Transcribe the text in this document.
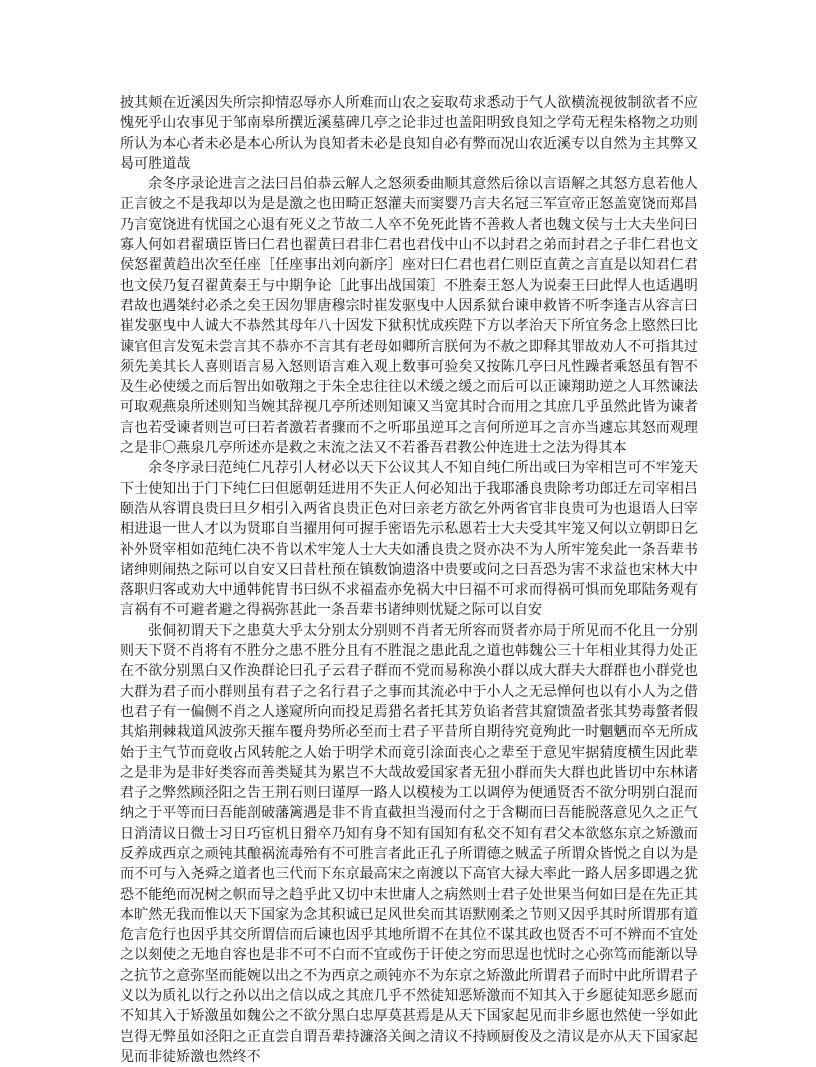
披其颊在近溪因失所宗抑情忍辱亦人所难而山农之妄取苟求悉动于气人欲横流视彼制欲者不应愧死乎山农事见于邹南皋所撰近溪墓碑几亭之论非过也盖阳明致良知之学苟无程朱格物之功则所认为本心者未必是本心所认为良知者未必是良知自必有弊而况山农近溪专以自然为主其弊又曷可胜道哉

余冬序录论进言之法曰吕伯恭云解人之怒须委曲顺其意然后徐以言语解之其怒方息若他人正言彼之不是我却以为是是激之也田畸正怒灌夫而窦婴乃言夫名冠三军宣帝正怒盖宽饶而郑昌乃言宽饶进有忧国之心退有死义之节故二人卒不免死此皆不善救人者也魏文侯与士大夫坐问曰寡人何如君翟璜臣皆曰仁君也翟黄曰君非仁君也君伐中山不以封君之弟而封君之子非仁君也文侯怒翟黄趋出次至任座［任座事出刘向新序］座对曰仁君也君仁则臣直黄之言直是以知君仁君也文侯乃复召翟黄秦王与中期争论［此事出战国策］不胜秦王怒人为说秦王曰此悍人也适遇明君故也遇桀纣必杀之矣王因勿罪唐穆宗时崔发驱曳中人因系狱台谏申救皆不听李逢吉从容言曰崔发驱曳中人诚大不恭然其母年八十因发下狱积忧成疾陛下方以孝治天下所宜务念上愍然曰比谏官但言发冤未尝言其不恭亦不言其有老母如卿所言朕何为不赦之即释其罪故劝人不可指其过须先美其长人喜则语言易入怒则语言难入观上数事可验矣又按陈几亭曰凡性躁者乘怒虽有智不及生必使缓之而后智出如敬翔之于朱全忠往往以术缓之缓之而后可以正谏翔助逆之人耳然谏法可取观燕泉所述则知当婉其辞视几亭所述则知谏又当宽其时合而用之其庶几乎虽然此皆为谏者言也若受谏者则岂可曰若者激若者骤而不之听耶虽逆耳之言何所逆耳之言亦当遽忘其怒而观理之是非〇燕泉几亭所述亦是救之末流之法又不若番吾君教公仲连进士之法为得其本

余冬序录曰范纯仁凡荐引人材必以天下公议其人不知自纯仁所出或曰为宰相岂可不牢笼天下士使知出于门下纯仁曰但愿朝廷进用不失正人何必知出于我耶潘良贵除考功郎迁左司宰相吕颐浩从容谓良贵曰旦夕相引入两省良贵正色对曰亲老方欲乞外两省官非良贵可为也退语人曰宰相进退一世人才以为贤耶自当擢用何可握手密语先示私恩若士大夫受其牢笼又何以立朝即日乞补外贤宰相如范纯仁决不肯以术牢笼人士大夫如潘良贵之贤亦决不为人所牢笼矣此一条吾辈书诸绅则闹热之际可以自安又曰昔杜预在镇数饷遗洛中贵要或问之曰吾恐为害不求益也宋林大中落职归客或劝大中通韩侂胄书曰纵不求福盍亦免祸大中曰福不可求而得祸可惧而免耶陆务观有言祸有不可避者避之得祸弥甚此一条吾辈书诸绅则忧疑之际可以自安

张侗初谓天下之患莫大乎太分别太分别则不肖者无所容而贤者亦局于所见而不化且一分别则天下贤不肖将有不胜分之患不胜分且有不胜混之患此乱之道也韩魏公三十年相业其得力处正在不欲分别黑白又作涣群论曰孔子云君子群而不党而易称涣小群以成大群夫大群群也小群党也大群为君子而小群则虽有君子之名行君子之事而其流必中于小人之无忌惮何也以有小人为之借也君子有一偏侧不肖之人遂窥所向而投足焉猎名者托其芳负谄者营其窟馈盈者张其势毒螫者假其焰荆棘栽道风波弥天摧车覆舟势所必至而士君子平昔所自期待究竟殉此一时魍魉而卒无所成始于主气节而竟收占风转舵之人始于明学术而竟引涂面丧心之辈至于意见牢据猜度横生因此辈之是非为是非好类容而善类疑其为累岂不大哉故爱国家者无狃小群而失大群也此皆切中东林诸君子之弊然顾泾阳之告王荆石则曰谨厚一路人以模棱为工以调停为便通贤否不欲分明别白混而纳之于平等而曰吾能剖破藩篱遇是非不肯直截担当漫而付之于含糊而曰吾能脱落意见久之正气日消清议日微士习日巧宦机日猾卒乃知有身不知有国知有私交不知有君父本欲悠东京之矫激而反养成西京之顽钝其酿祸流毒殆有不可胜言者此正孔子所谓德之贼孟子所谓众皆悦之自以为是而不可与入尧舜之道者也三代而下东京最高宋之南渡以下高官大禄大率此一路人居多即遇之犹恐不能绝而况树之帜而导之趋乎此又切中末世庸人之病然则士君子处世果当何如曰是在先正其本旷然无我而惟以天下国家为念其积诚已足风世矣而其语默刚柔之节则又因乎其时所谓那有道危言危行也因乎其交所谓信而后谏也因乎其地所谓不在其位不谋其政也贤否不可不辨而不宜处之以刻使之无地自容也是非不可不白而不宜或伤于讦使之穷而思逞也忧时之心弥笃而能渐以导之抗节之意弥坚而能婉以出之不为西京之顽钝亦不为东京之矫激此所谓君子而时中此所谓君子义以为质礼以行之孙以出之信以成之其庶几乎不然徒知恶矫激而不知其入于乡愿徒知恶乡愿而不知其入于矫激虽如魏公之不欲分黑白忠厚莫甚焉是从天下国家起见而非乡愿也然使一㜽如此岂得无弊虽如泾阳之正直尝自谓吾辈持濂洛关闽之清议不持顾厨俊及之清议是亦从天下国家起见而非徒矫激也然终不
